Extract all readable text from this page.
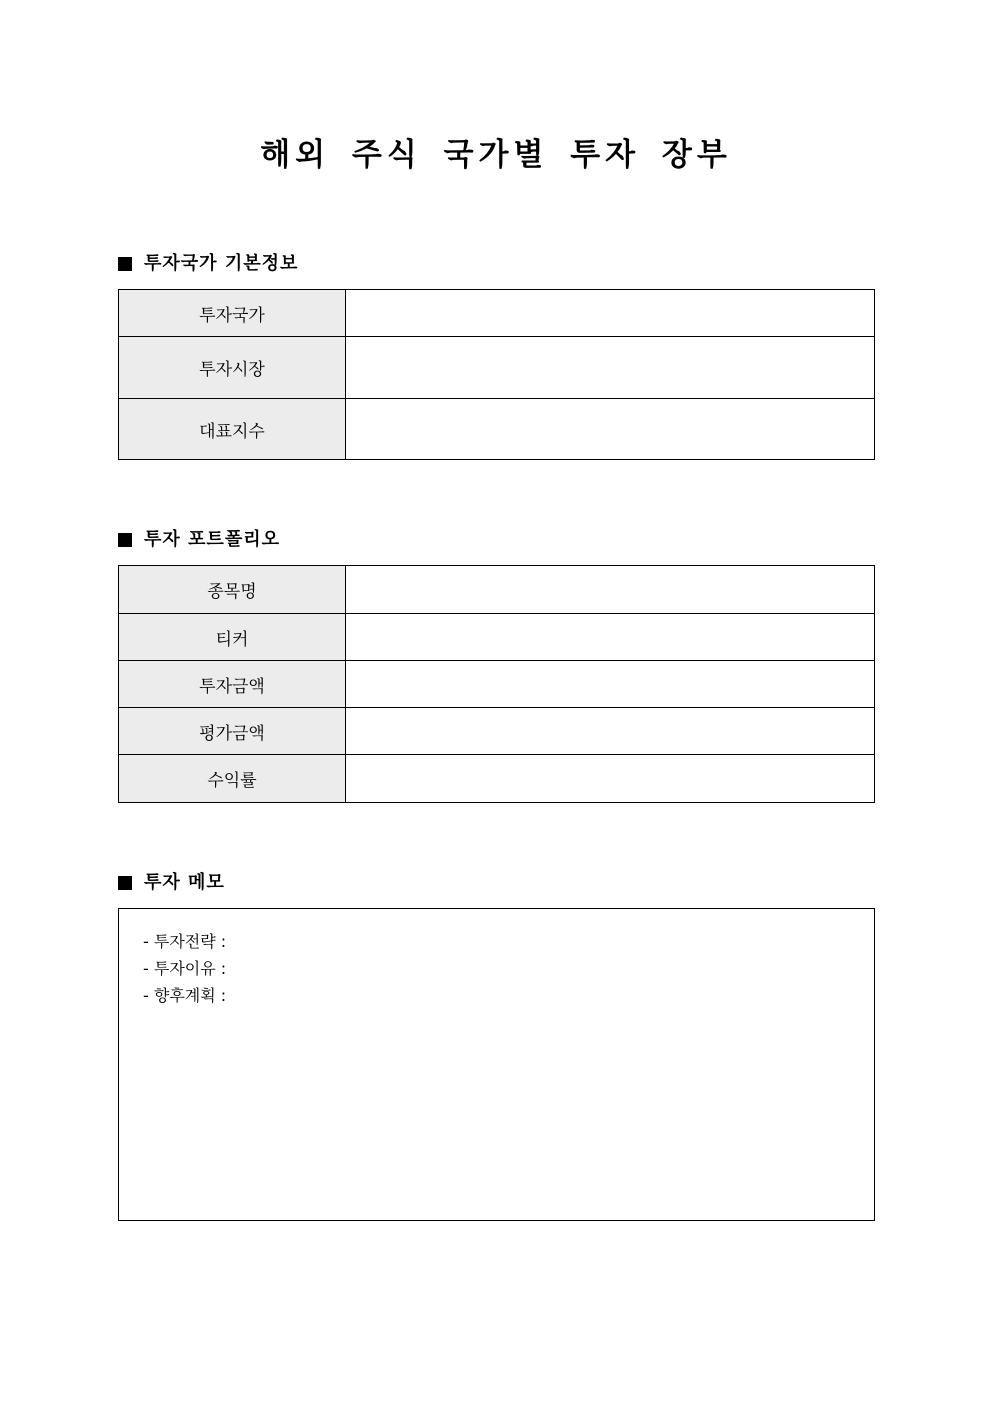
해외 주식 국가별 투자 장부
투자국가 기본정보
투자국가	
투자시장	
대표지수	
투자 포트폴리오
종목명	
티커	
투자금액	
평가금액	
수익률	
투자 메모
- 투자전략 :
- 투자이유 :
- 향후계획 :
